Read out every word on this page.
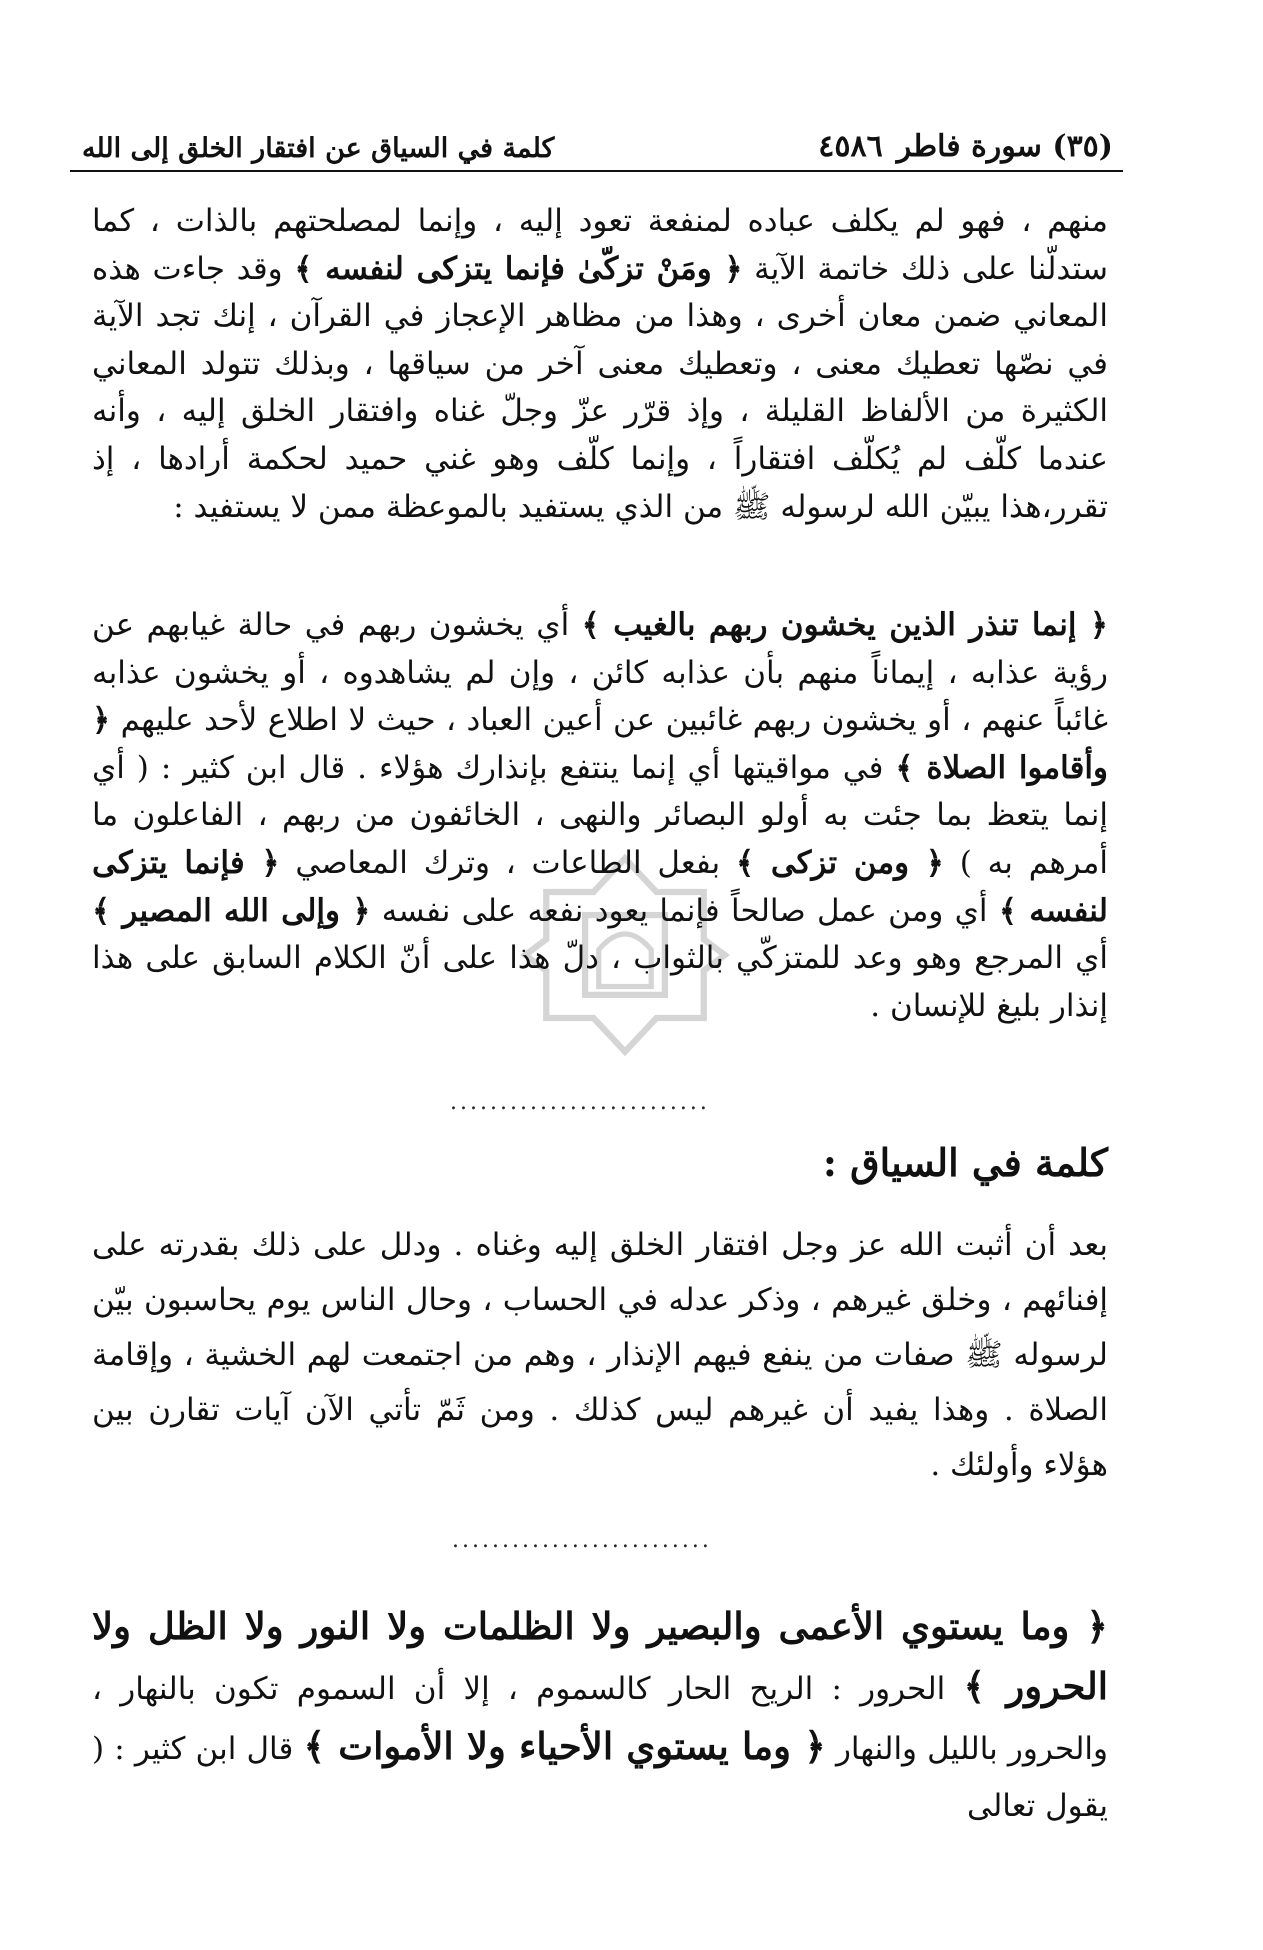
كلمة في السياق عن افتقار الخلق إلى الله	(٣٥) سورة فاطر
٤٥٨٦
منهم ، فهو لم يكلف عباده لمنفعة تعود إليه ، وإنما لمصلحتهم بالذات ، كما ستدلّنا على ذلك خاتمة الآية ﴿ ومَنْ تزكّىٰ فإنما يتزكى لنفسه ﴾ وقد جاءت هذه المعاني ضمن معان أخرى ، وهذا من مظاهر الإعجاز في القرآن ، إنك تجد الآية في نصّها تعطيك معنى ، وتعطيك معنى آخر من سياقها ، وبذلك تتولد المعاني الكثيرة من الألفاظ القليلة ، وإذ قرّر عزّ وجلّ غناه وافتقار الخلق إليه ، وأنه عندما كلّف لم يُكلّف افتقاراً ، وإنما كلّف وهو غني حميد لحكمة أرادها ، إذ تقرر،هذا يبيّن الله لرسوله ﷺ من الذي يستفيد بالموعظة ممن لا يستفيد :
﴿ إنما تنذر الذين يخشون ربهم بالغيب ﴾ أي يخشون ربهم في حالة غيابهم عن رؤية عذابه ، إيماناً منهم بأن عذابه كائن ، وإن لم يشاهدوه ، أو يخشون عذابه غائباً عنهم ، أو يخشون ربهم غائبين عن أعين العباد ، حيث لا اطلاع لأحد عليهم ﴿ وأقاموا الصلاة ﴾ في مواقيتها أي إنما ينتفع بإنذارك هؤلاء . قال ابن كثير : ( أي إنما يتعظ بما جئت به أولو البصائر والنهى ، الخائفون من ربهم ، الفاعلون ما أمرهم به ) ﴿ ومن تزكى ﴾ بفعل الطاعات ، وترك المعاصي ﴿ فإنما يتزكى لنفسه ﴾ أي ومن عمل صالحاً فإنما يعود نفعه على نفسه ﴿ وإلى الله المصير ﴾ أي المرجع وهو وعد للمتزكّي بالثواب ، دلّ هذا على أنّ الكلام السابق على هذا إنذار بليغ للإنسان .
..........................
كلمة في السياق :
بعد أن أثبت الله عز وجل افتقار الخلق إليه وغناه . ودلل على ذلك بقدرته على إفنائهم ، وخلق غيرهم ، وذكر عدله في الحساب ، وحال الناس يوم يحاسبون بيّن لرسوله ﷺ صفات من ينفع فيهم الإنذار ، وهم من اجتمعت لهم الخشية ، وإقامة الصلاة . وهذا يفيد أن غيرهم ليس كذلك . ومن ثَمّ تأتي الآن آيات تقارن بين هؤلاء وأولئك .
..........................
﴿ وما يستوي الأعمى والبصير ولا الظلمات ولا النور ولا الظل ولا الحرور ﴾ الحرور : الريح الحار كالسموم ، إلا أن السموم تكون بالنهار ، والحرور بالليل والنهار ﴿ وما يستوي الأحياء ولا الأموات ﴾ قال ابن كثير : ( يقول تعالى
